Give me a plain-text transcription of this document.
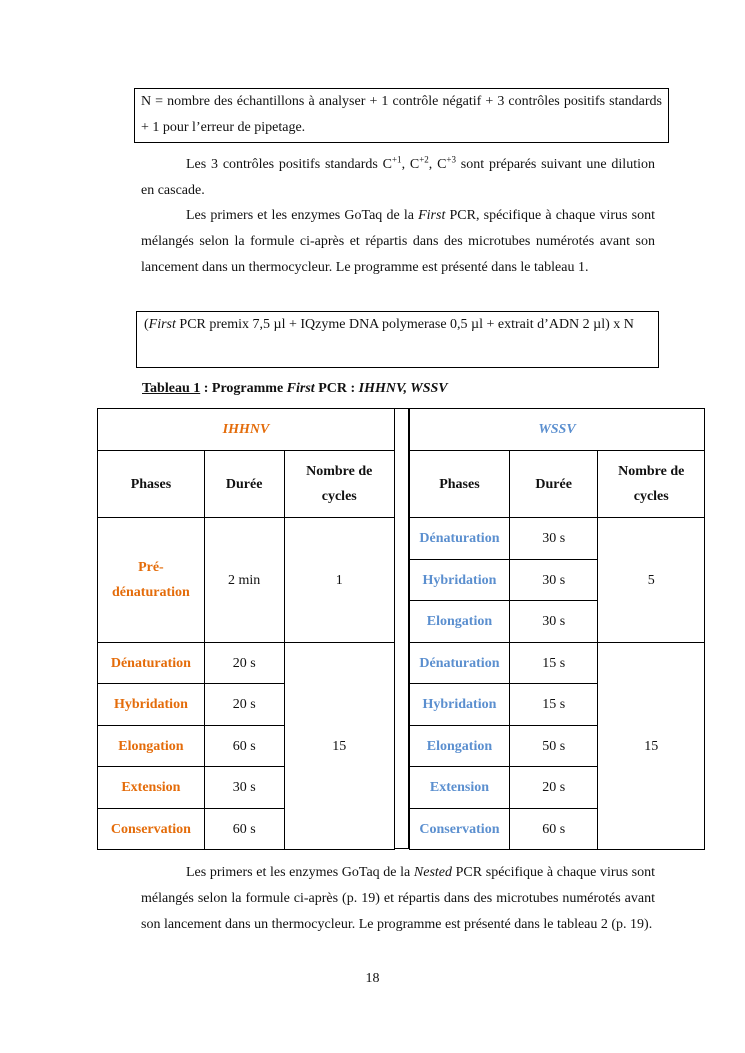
N = nombre des échantillons à analyser + 1 contrôle négatif + 3 contrôles positifs standards + 1 pour l’erreur de pipetage.
Les 3 contrôles positifs standards $C^{+1}$, $C^{+2}$, $C^{+3}$ sont préparés suivant une dilution en cascade.
Les primers et les enzymes GoTaq de la First PCR, spécifique à chaque virus sont mélangés selon la formule ci-après et répartis dans des microtubes numérotés avant son lancement dans un thermocycleur. Le programme est présenté dans le tableau 1.
(First PCR premix 7,5 µl + IQzyme DNA polymerase 0,5 µl + extrait d’ADN 2 µl) x N
Tableau 1 : Programme First PCR : IHHNV, WSSV
IHHNV		
Phases	Durée	Nombre de cycles
Pré-dénaturation	2 min	1
Dénaturation	20 s	15
Hybridation	20 s	
Elongation	60 s	
Extension	30 s	
Conservation	60 s	
WSSV		
Phases	Durée	Nombre de cycles
Dénaturation	30 s	5
Hybridation	30 s	
Elongation	30 s	
Dénaturation	15 s	15
Hybridation	15 s	
Elongation	50 s	
Extension	20 s	
Conservation	60 s	
Les primers et les enzymes GoTaq de la Nested PCR spécifique à chaque virus sont mélangés selon la formule ci-après (p. 19) et répartis dans des microtubes numérotés avant son lancement dans un thermocycleur. Le programme est présenté dans le tableau 2 (p. 19).
18
